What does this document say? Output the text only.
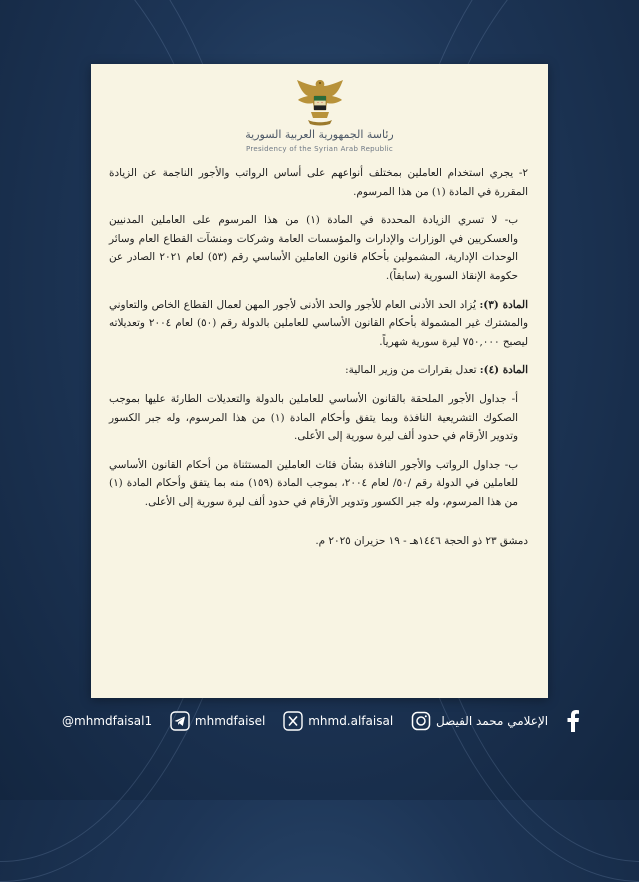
رئاسة الجمهورية العربية السورية
Presidency of the Syrian Arab Republic

٢- يجري استخدام العاملين بمختلف أنواعهم على أساس الرواتب والأجور الناجمة عن الزيادة المقررة في المادة (١) من هذا المرسوم.

ب- لا تسري الزيادة المحددة في المادة (١) من هذا المرسوم على العاملين المدنيين والعسكريين في الوزارات والإدارات والمؤسسات العامة وشركات ومنشآت القطاع العام وسائر الوحدات الإدارية، المشمولين بأحكام قانون العاملين الأساسي رقم (٥٣) لعام ٢٠٢١ الصادر عن حكومة الإنقاذ السورية (سابقاً).

المادة (٣): يُزاد الحد الأدنى العام للأجور والحد الأدنى لأجور المهن لعمال القطاع الخاص والتعاوني والمشترك غير المشمولة بأحكام القانون الأساسي للعاملين بالدولة رقم (٥٠) لعام ٢٠٠٤ وتعديلاته ليصبح ٧٥٠,٠٠٠ ليرة سورية شهرياً.

المادة (٤): تعدل بقرارات من وزير المالية:

أ- جداول الأجور الملحقة بالقانون الأساسي للعاملين بالدولة والتعديلات الطارئة عليها بموجب الصكوك التشريعية النافذة وبما يتفق وأحكام المادة (١) من هذا المرسوم، وله جبر الكسور وتدوير الأرقام في حدود ألف ليرة سورية إلى الأعلى.

ب- جداول الرواتب والأجور النافذة بشأن فئات العاملين المستثناة من أحكام القانون الأساسي للعاملين في الدولة رقم /٥٠/ لعام ٢٠٠٤، بموجب المادة (١٥٩) منه بما يتفق وأحكام المادة (١) من هذا المرسوم، وله جبر الكسور وتدوير الأرقام في حدود ألف ليرة سورية إلى الأعلى.

دمشق ٢٣ ذو الحجة ١٤٤٦هـ - ١٩ حزيران ٢٠٢٥ م.

@mhmdfaisal1	mhmdfaisel	mhmd.alfaisal	الإعلامي محمد الفيصل
